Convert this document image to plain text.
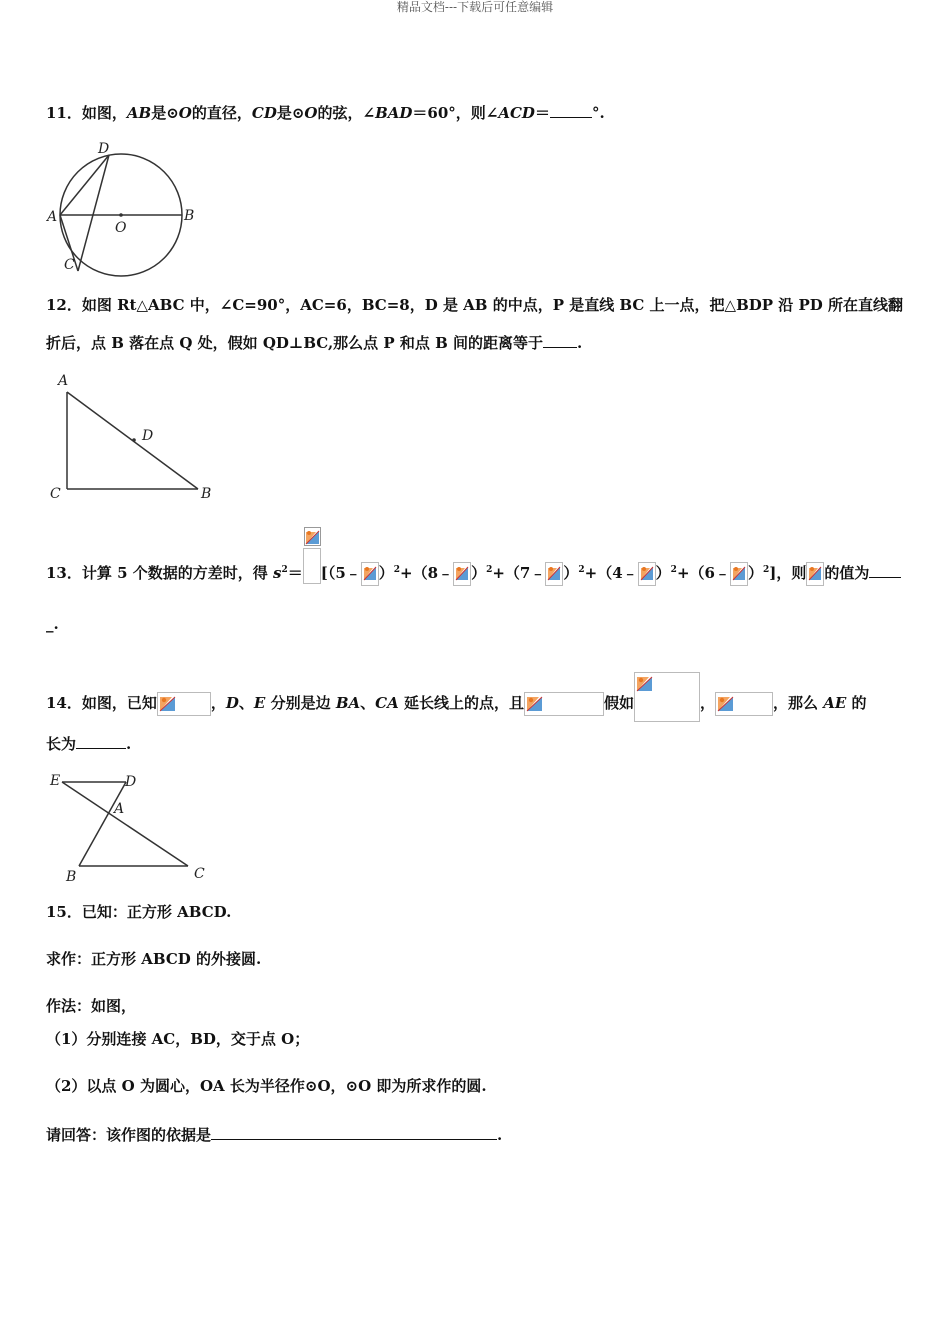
精品文档---下载后可任意编辑
11．如图，AB是⊙O的直径，CD是⊙O的弦，∠BAD＝60°，则∠ACD＝	°.
D
A
O
B
C
12．如图 Rt△ABC 中，∠C=90°，AC=6，BC=8，D 是 AB 的中点，P 是直线 BC 上一点，把△BDP 沿 PD 所在直线翻
折后，点 B 落在点 Q 处，假如 QD⊥BC,那么点 P 和点 B 间的距离等于 .
A
D
C	B
13．计算 5 个数据的方差时，得 $s^2=$ [（5﹣ ）$^2$+（8﹣ ）$^2$+（7﹣ ）$^2$+（4﹣ ）$^2$+（6﹣ ）$^2$]，则 的值为
_.
14．如图，已知	，D、E 分别是边 BA、CA 延长线上的点，且	假如	，	，那么 AE 的
长为	.
E	D
A
B	C
15．已知：正方形 ABCD.
求作：正方形 ABCD 的外接圆.
作法：如图，
（1）分别连接 AC，BD，交于点 O；
（2）以点 O 为圆心，OA 长为半径作⊙O，⊙O 即为所求作的圆.
请回答：该作图的依据是	.
